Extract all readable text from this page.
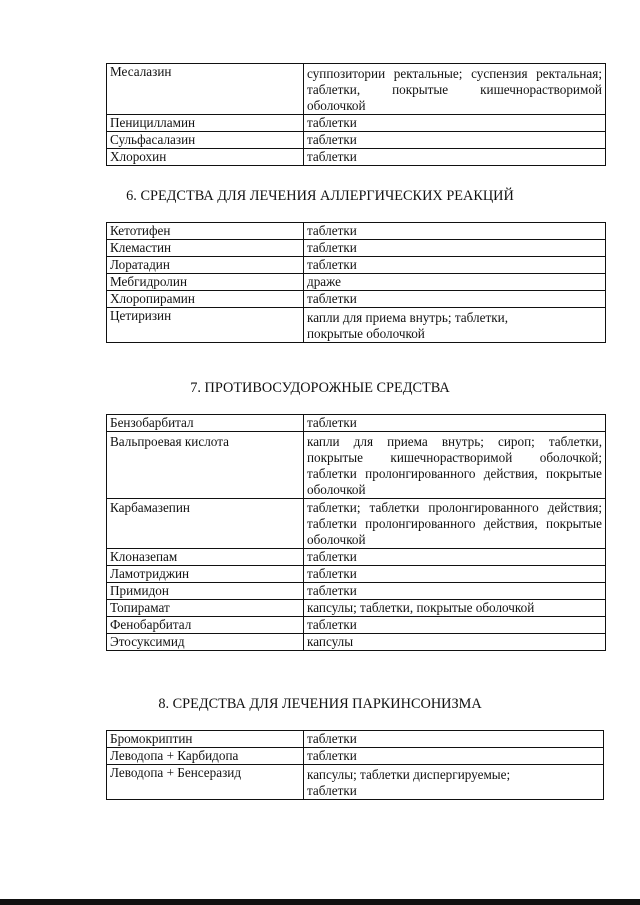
Месалазин	суппозитории ректальные; суспензия ректальная; таблетки, покрытые кишечнорастворимой оболочкой
Пеницилламин	таблетки
Сульфасалазин	таблетки
Хлорохин	таблетки
6. СРЕДСТВА ДЛЯ ЛЕЧЕНИЯ АЛЛЕРГИЧЕСКИХ РЕАКЦИЙ
Кетотифен	таблетки
Клемастин	таблетки
Лоратадин	таблетки
Мебгидролин	драже
Хлоропирамин	таблетки
Цетиризин	капли для приема внутрь; таблетки, покрытые оболочкой
7. ПРОТИВОСУДОРОЖНЫЕ СРЕДСТВА
Бензобарбитал	таблетки
Вальпроевая кислота	капли для приема внутрь; сироп; таблетки, покрытые кишечнорастворимой оболочкой; таблетки пролонгированного действия, покрытые оболочкой
Карбамазепин	таблетки; таблетки пролонгированного действия; таблетки пролонгированного действия, покрытые оболочкой
Клоназепам	таблетки
Ламотриджин	таблетки
Примидон	таблетки
Топирамат	капсулы; таблетки, покрытые оболочкой
Фенобарбитал	таблетки
Этосуксимид	капсулы
8. СРЕДСТВА ДЛЯ ЛЕЧЕНИЯ ПАРКИНСОНИЗМА
Бромокриптин	таблетки
Леводопа + Карбидопа	таблетки
Леводопа + Бенсеразид	капсулы; таблетки диспергируемые; таблетки
